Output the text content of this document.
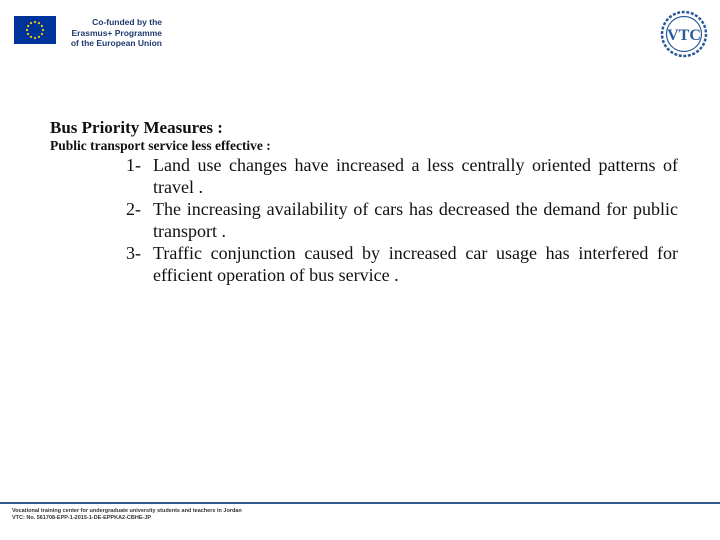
Co-funded by the
Erasmus+ Programme
of the European Union	VTC
Bus Priority Measures :
Public transport service less effective :
1- Land use changes have increased a less centrally oriented patterns of travel .
2- The increasing availability of cars has decreased the demand for public transport .
3- Traffic conjunction caused by increased car usage has interfered for efficient operation of bus service .
Vocational training center for undergraduate university students and teachers in Jordan
VTC: No. 561708-EPP-1-2015-1-DE-EPPKA2-CBHE-JP
